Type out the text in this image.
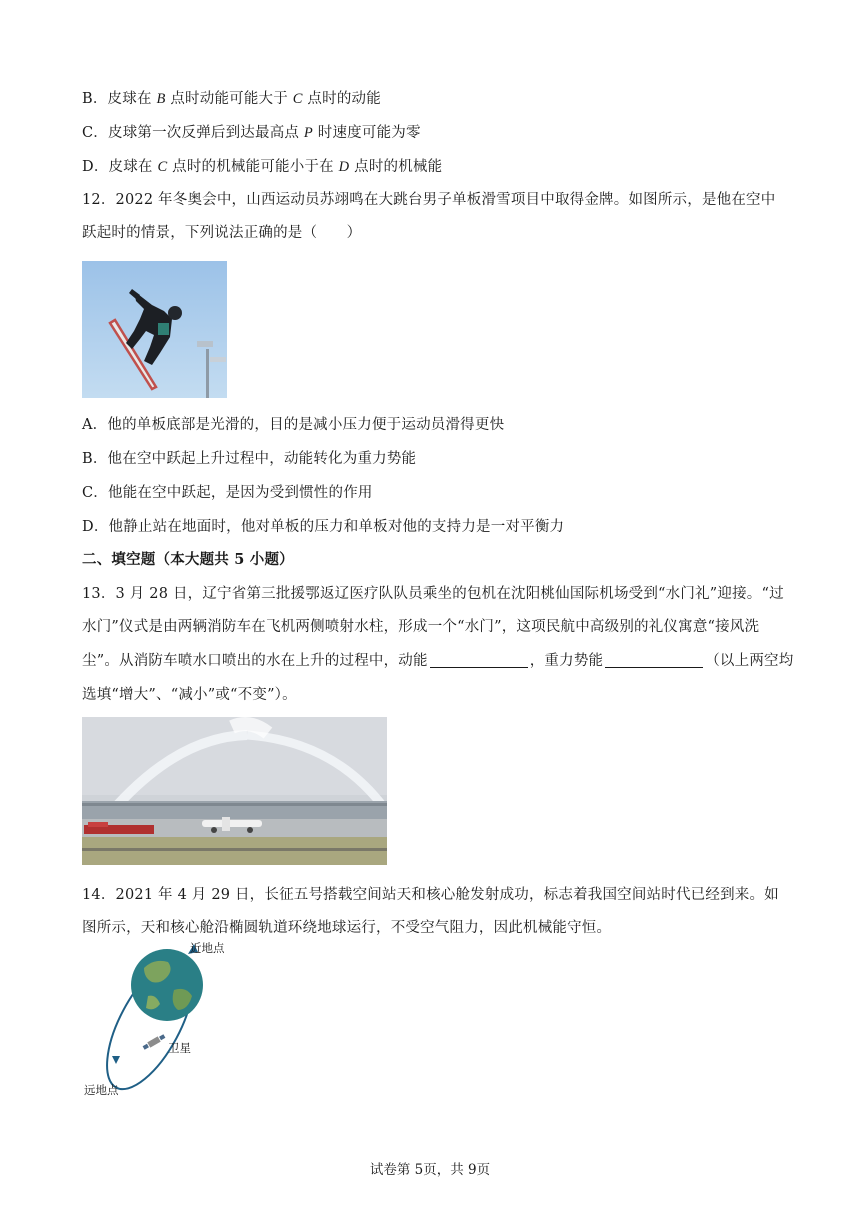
B．皮球在 B 点时动能可能大于 C 点时的动能
C．皮球第一次反弹后到达最高点 P 时速度可能为零
D．皮球在 C 点时的机械能可能小于在 D 点时的机械能
12．2022 年冬奥会中，山西运动员苏翊鸣在大跳台男子单板滑雪项目中取得金牌。如图所示，是他在空中
跃起时的情景，下列说法正确的是（　　）
A．他的单板底部是光滑的，目的是减小压力便于运动员滑得更快
B．他在空中跃起上升过程中，动能转化为重力势能
C．他能在空中跃起，是因为受到惯性的作用
D．他静止站在地面时，他对单板的压力和单板对他的支持力是一对平衡力
二、填空题（本大题共 5 小题）
13．3 月 28 日，辽宁省第三批援鄂返辽医疗队队员乘坐的包机在沈阳桃仙国际机场受到“水门礼”迎接。“过
水门”仪式是由两辆消防车在飞机两侧喷射水柱，形成一个“水门”，这项民航中高级别的礼仪寓意“接风洗
尘”。从消防车喷水口喷出的水在上升的过程中，动能	，重力势能	（以上两空均
选填“增大”、“减小”或“不变”）。
14．2021 年 4 月 29 日，长征五号搭载空间站天和核心舱发射成功，标志着我国空间站时代已经到来。如
图所示，天和核心舱沿椭圆轨道环绕地球运行，不受空气阻力，因此机械能守恒。
近地点
卫星
远地点
试卷第 5页，共 9页
